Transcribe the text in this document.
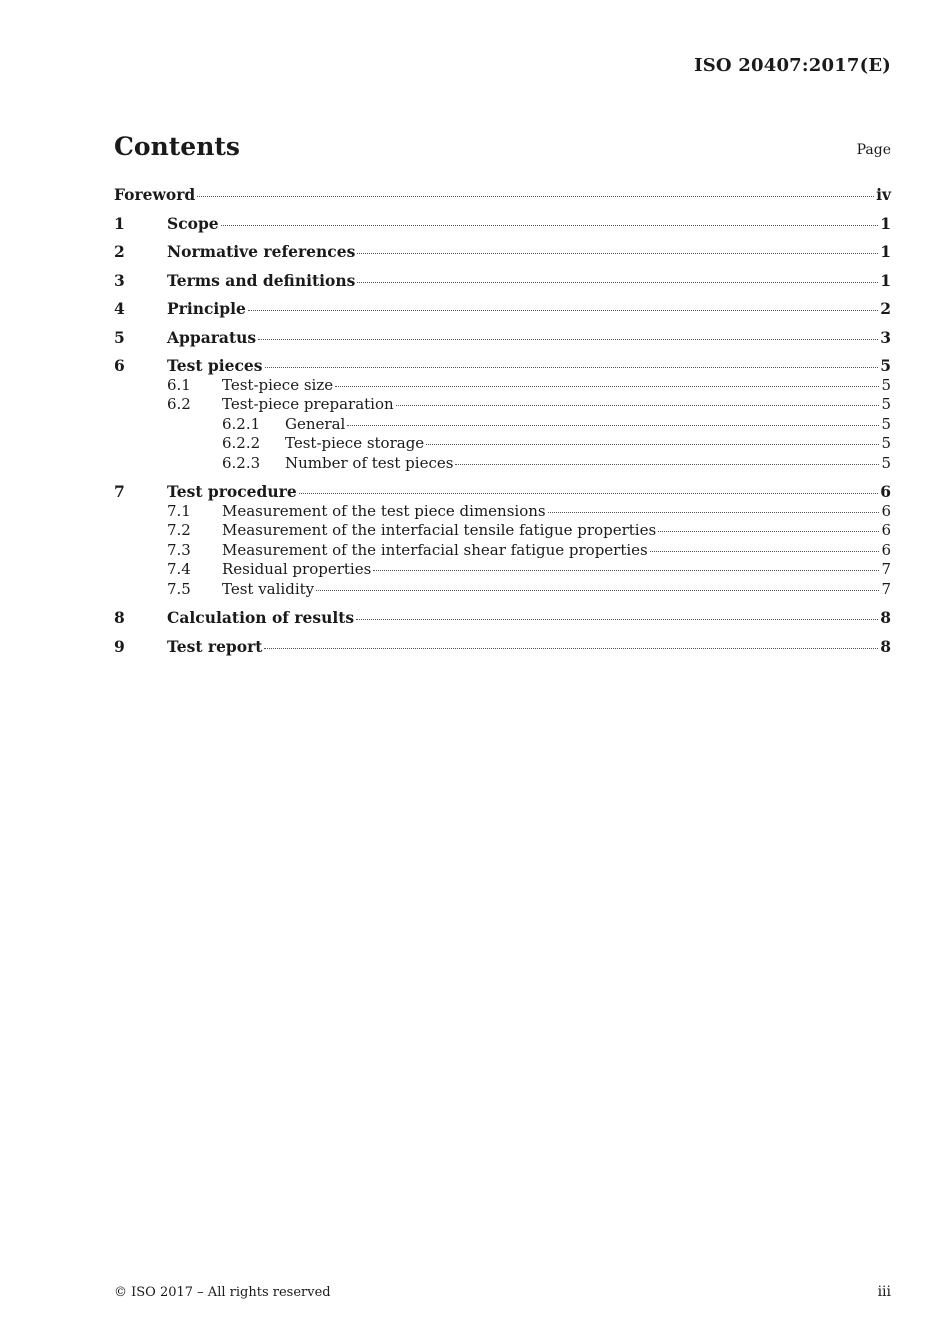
ISO 20407:2017(E)
Contents	Page
Foreword	iv
1	Scope	1
2	Normative references	1
3	Terms and definitions	1
4	Principle	2
5	Apparatus	3
6	Test pieces	5
6.1	Test-piece size	5
6.2	Test-piece preparation	5
6.2.1	General	5
6.2.2	Test-piece storage	5
6.2.3	Number of test pieces	5
7	Test procedure	6
7.1	Measurement of the test piece dimensions	6
7.2	Measurement of the interfacial tensile fatigue properties	6
7.3	Measurement of the interfacial shear fatigue properties	6
7.4	Residual properties	7
7.5	Test validity	7
8	Calculation of results	8
9	Test report	8
© ISO 2017 – All rights reserved	iii
